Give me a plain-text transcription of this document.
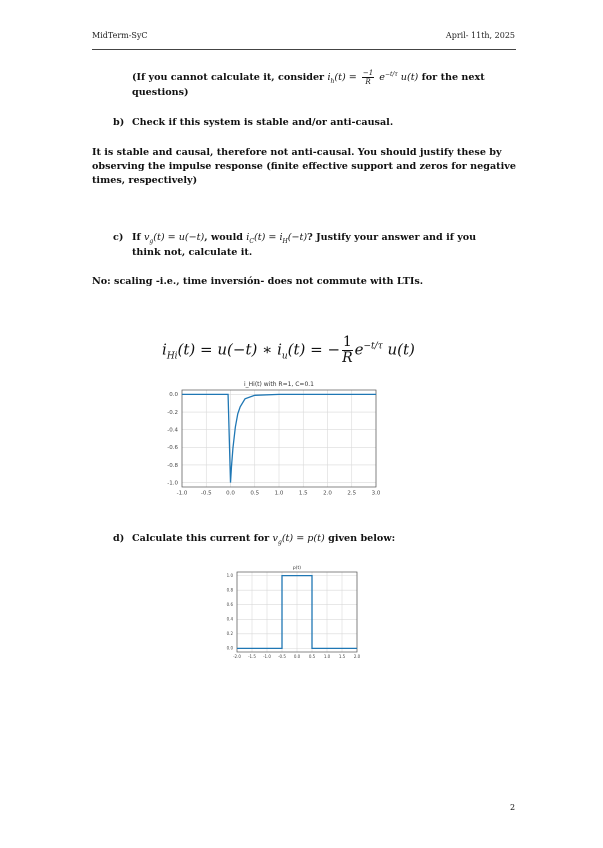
MidTerm-SyC	April- 11th, 2025
(If you cannot calculate it, consider $i_h(t) = \frac{-1}{R} e^{-t/\tau}$ u(t) for the next
questions)
b) Check if this system is stable and/or anti-causal.
It is stable and causal, therefore not anti-causal. You should justify these by
observing the impulse response (finite effective support and zeros for negative
times, respectively)
c) If $v_g(t) = u(-t)$, would $i_C(t) = i_H(-t)$? Justify your answer and if you
think not, calculate it.
No: scaling -i.e., time inversión- does not commute with LTIs.
$i_{Hi}(t) = u(-t)$ ∗ $i_u(t)$ = − $\frac{1}{R} e^{-t/\tau}$ u(t)
i_Hi(t) with R=1, C=0.1
-1.0 -0.5	0.0	0.5	1.0	1.5	2.0	2.5	3.0
0.0
-0.2
-0.4
-0.6
-0.8
-1.0
d) Calculate this current for $v_g(t) = p(t)$ given below:
p(t)
-2.0 -1.5 -1.0 -0.5 0.0 0.5 1.0 1.5 2.0
1.0
0.8
0.6
0.4
0.2
0.0
2
